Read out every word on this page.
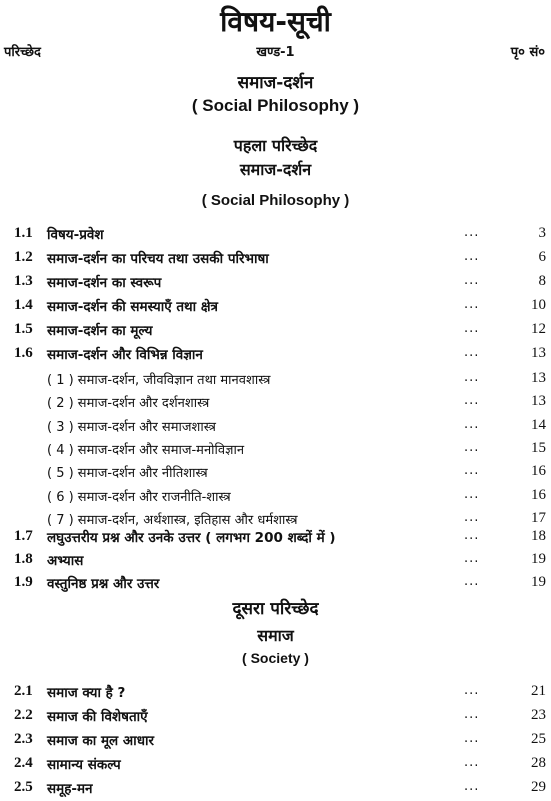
विषय-सूची
परिच्छेद	खण्ड-1	पृ० सं०
समाज-दर्शन
( Social Philosophy )
पहला परिच्छेद
समाज-दर्शन
( Social Philosophy )
1.1 विषय-प्रवेश	...	3
1.2 समाज-दर्शन का परिचय तथा उसकी परिभाषा	...	6
1.3 समाज-दर्शन का स्वरूप	...	8
1.4 समाज-दर्शन की समस्याएँ तथा क्षेत्र	...	10
1.5 समाज-दर्शन का मूल्य	...	12
1.6 समाज-दर्शन और विभिन्न विज्ञान	...	13
( 1 ) समाज-दर्शन, जीवविज्ञान तथा मानवशास्त्र	...	13
( 2 ) समाज-दर्शन और दर्शनशास्त्र	...	13
( 3 ) समाज-दर्शन और समाजशास्त्र	...	14
( 4 ) समाज-दर्शन और समाज-मनोविज्ञान	...	15
( 5 ) समाज-दर्शन और नीतिशास्त्र	...	16
( 6 ) समाज-दर्शन और राजनीति-शास्त्र	...	16
( 7 ) समाज-दर्शन, अर्थशास्त्र, इतिहास और धर्मशास्त्र	...	17
1.7 लघुउत्तरीय प्रश्न और उनके उत्तर ( लगभग 200 शब्दों में )	...	18
1.8 अभ्यास	...	19
1.9 वस्तुनिष्ठ प्रश्न और उत्तर	...	19
दूसरा परिच्छेद
समाज
( Society )
2.1 समाज क्या है ?	...	21
2.2 समाज की विशेषताएँ	...	23
2.3 समाज का मूल आधार	...	25
2.4 सामान्य संकल्प	...	28
2.5 समूह-मन	...	29
